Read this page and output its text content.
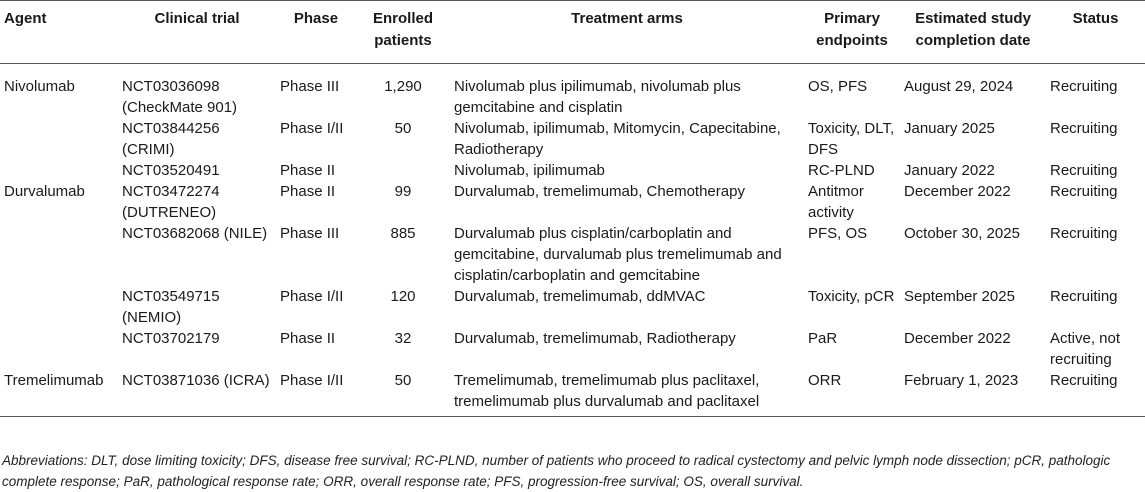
Agent	Clinical trial	Phase	Enrolled patients	Treatment arms	Primary endpoints	Estimated study completion date	Status
Nivolumab	NCT03036098 (CheckMate 901)	Phase III	1,290	Nivolumab plus ipilimumab, nivolumab plus gemcitabine and cisplatin	OS, PFS	August 29, 2024	Recruiting
	NCT03844256 (CRIMI)	Phase I/II	50	Nivolumab, ipilimumab, Mitomycin, Capecitabine, Radiotherapy	Toxicity, DLT, DFS	January 2025	Recruiting
	NCT03520491	Phase II		Nivolumab, ipilimumab	RC-PLND	January 2022	Recruiting
Durvalumab	NCT03472274 (DUTRENEO)	Phase II	99	Durvalumab, tremelimumab, Chemotherapy	Antitmor activity	December 2022	Recruiting
	NCT03682068 (NILE)	Phase III	885	Durvalumab plus cisplatin/carboplatin and gemcitabine, durvalumab plus tremelimumab and cisplatin/carboplatin and gemcitabine	PFS, OS	October 30, 2025	Recruiting
	NCT03549715 (NEMIO)	Phase I/II	120	Durvalumab, tremelimumab, ddMVAC	Toxicity, pCR	September 2025	Recruiting
	NCT03702179	Phase II	32	Durvalumab, tremelimumab, Radiotherapy	PaR	December 2022	Active, not recruiting
Tremelimumab	NCT03871036 (ICRA)	Phase I/II	50	Tremelimumab, tremelimumab plus paclitaxel, tremelimumab plus durvalumab and paclitaxel	ORR	February 1, 2023	Recruiting
Abbreviations: DLT, dose limiting toxicity; DFS, disease free survival; RC-PLND, number of patients who proceed to radical cystectomy and pelvic lymph node dissection; pCR, pathologic complete response; PaR, pathological response rate; ORR, overall response rate; PFS, progression-free survival; OS, overall survival.
